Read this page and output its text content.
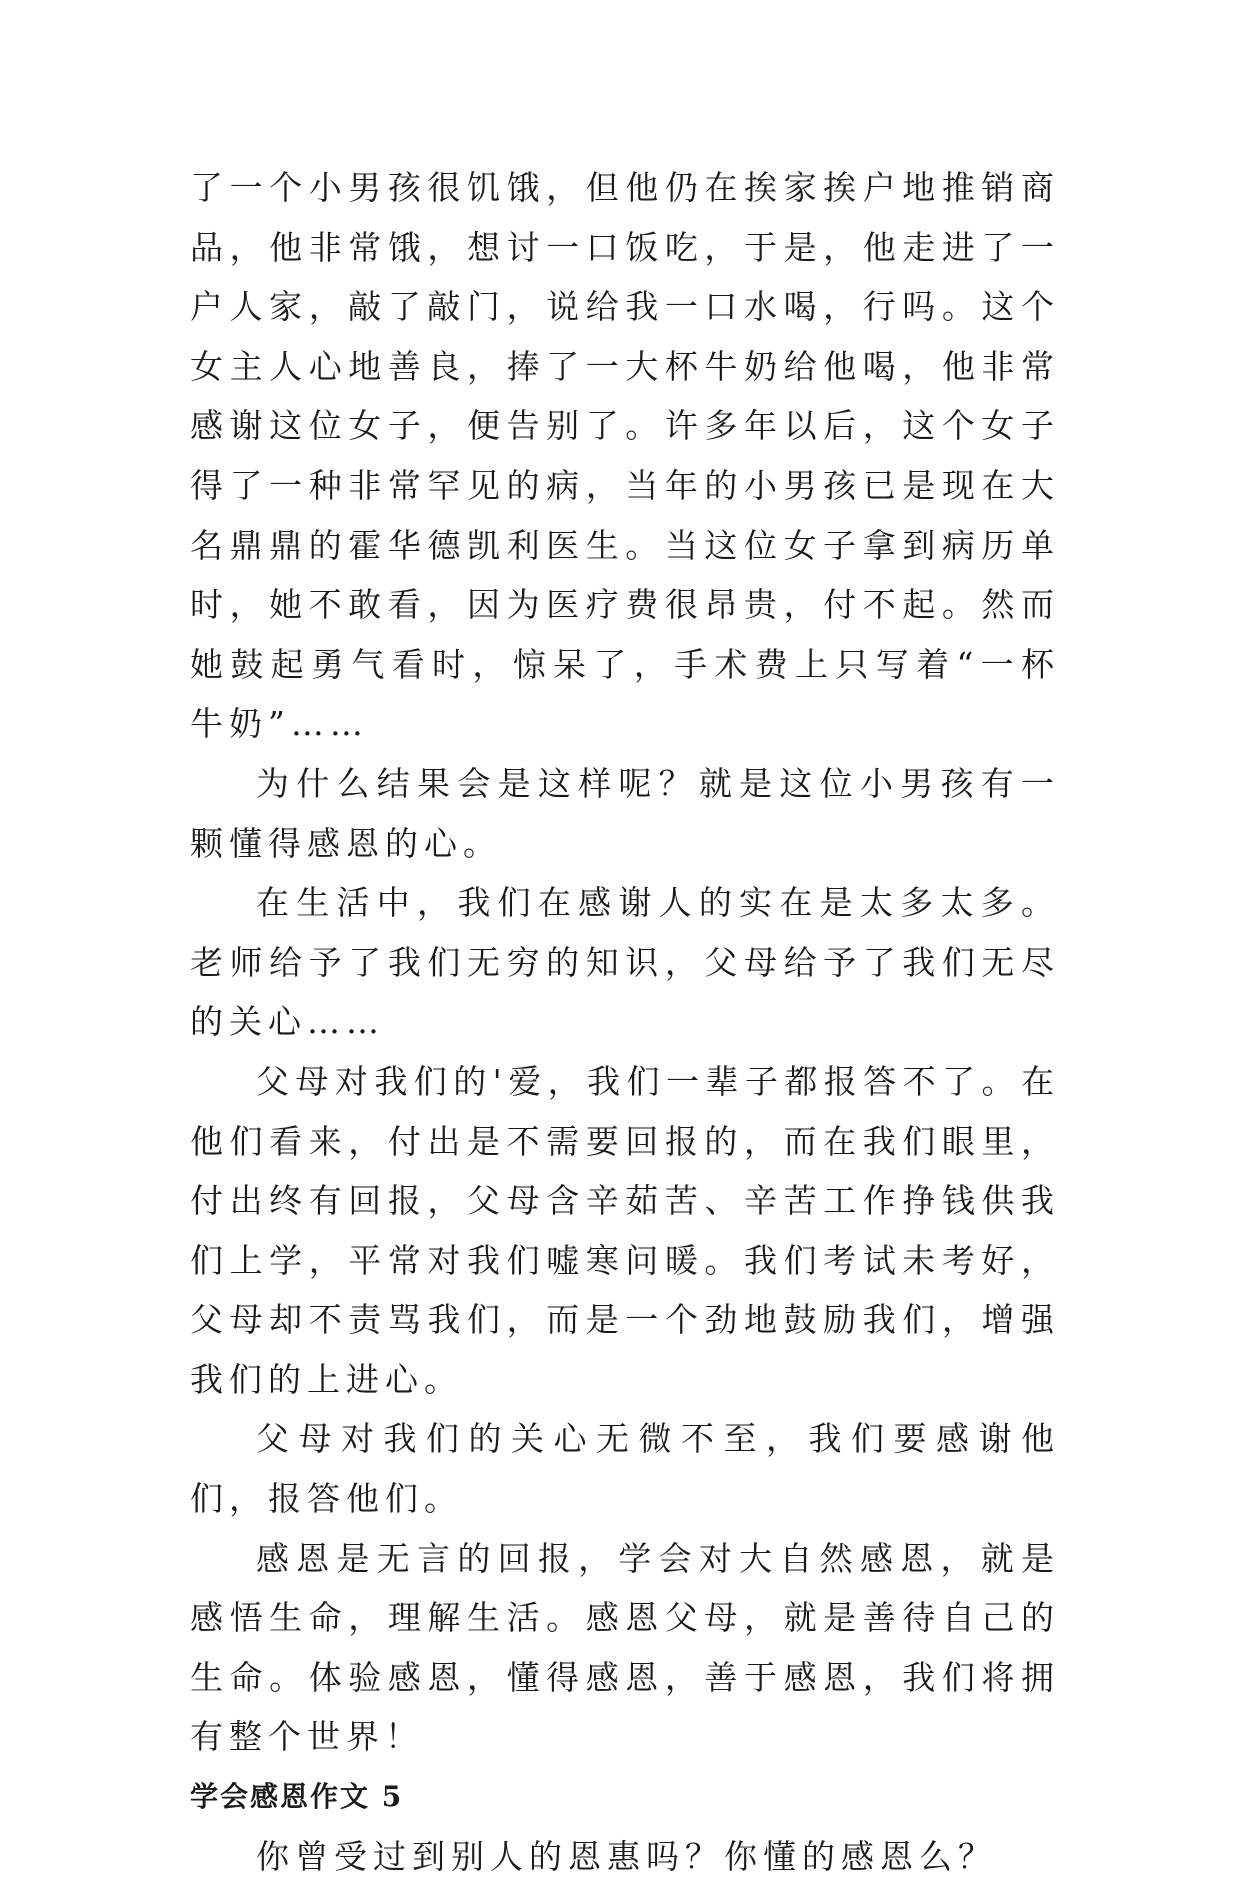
了一个小男孩很饥饿，但他仍在挨家挨户地推销商品，他非常饿，想讨一口饭吃，于是，他走进了一户人家，敲了敲门，说给我一口水喝，行吗。这个女主人心地善良，捧了一大杯牛奶给他喝，他非常感谢这位女子，便告别了。许多年以后，这个女子得了一种非常罕见的病，当年的小男孩已是现在大名鼎鼎的霍华德凯利医生。当这位女子拿到病历单时，她不敢看，因为医疗费很昂贵，付不起。然而她鼓起勇气看时，惊呆了，手术费上只写着“一杯牛奶”……

为什么结果会是这样呢？就是这位小男孩有一颗懂得感恩的心。

在生活中，我们在感谢人的实在是太多太多。老师给予了我们无穷的知识，父母给予了我们无尽的关心……

父母对我们的'爱，我们一辈子都报答不了。在他们看来，付出是不需要回报的，而在我们眼里，付出终有回报，父母含辛茹苦、辛苦工作挣钱供我们上学，平常对我们嘘寒问暖。我们考试未考好，父母却不责骂我们，而是一个劲地鼓励我们，增强我们的上进心。

父母对我们的关心无微不至，我们要感谢他们，报答他们。

感恩是无言的回报，学会对大自然感恩，就是感悟生命，理解生活。感恩父母，就是善待自己的生命。体验感恩，懂得感恩，善于感恩，我们将拥有整个世界！

学会感恩作文 5

你曾受过到别人的恩惠吗？你懂的感恩么？
